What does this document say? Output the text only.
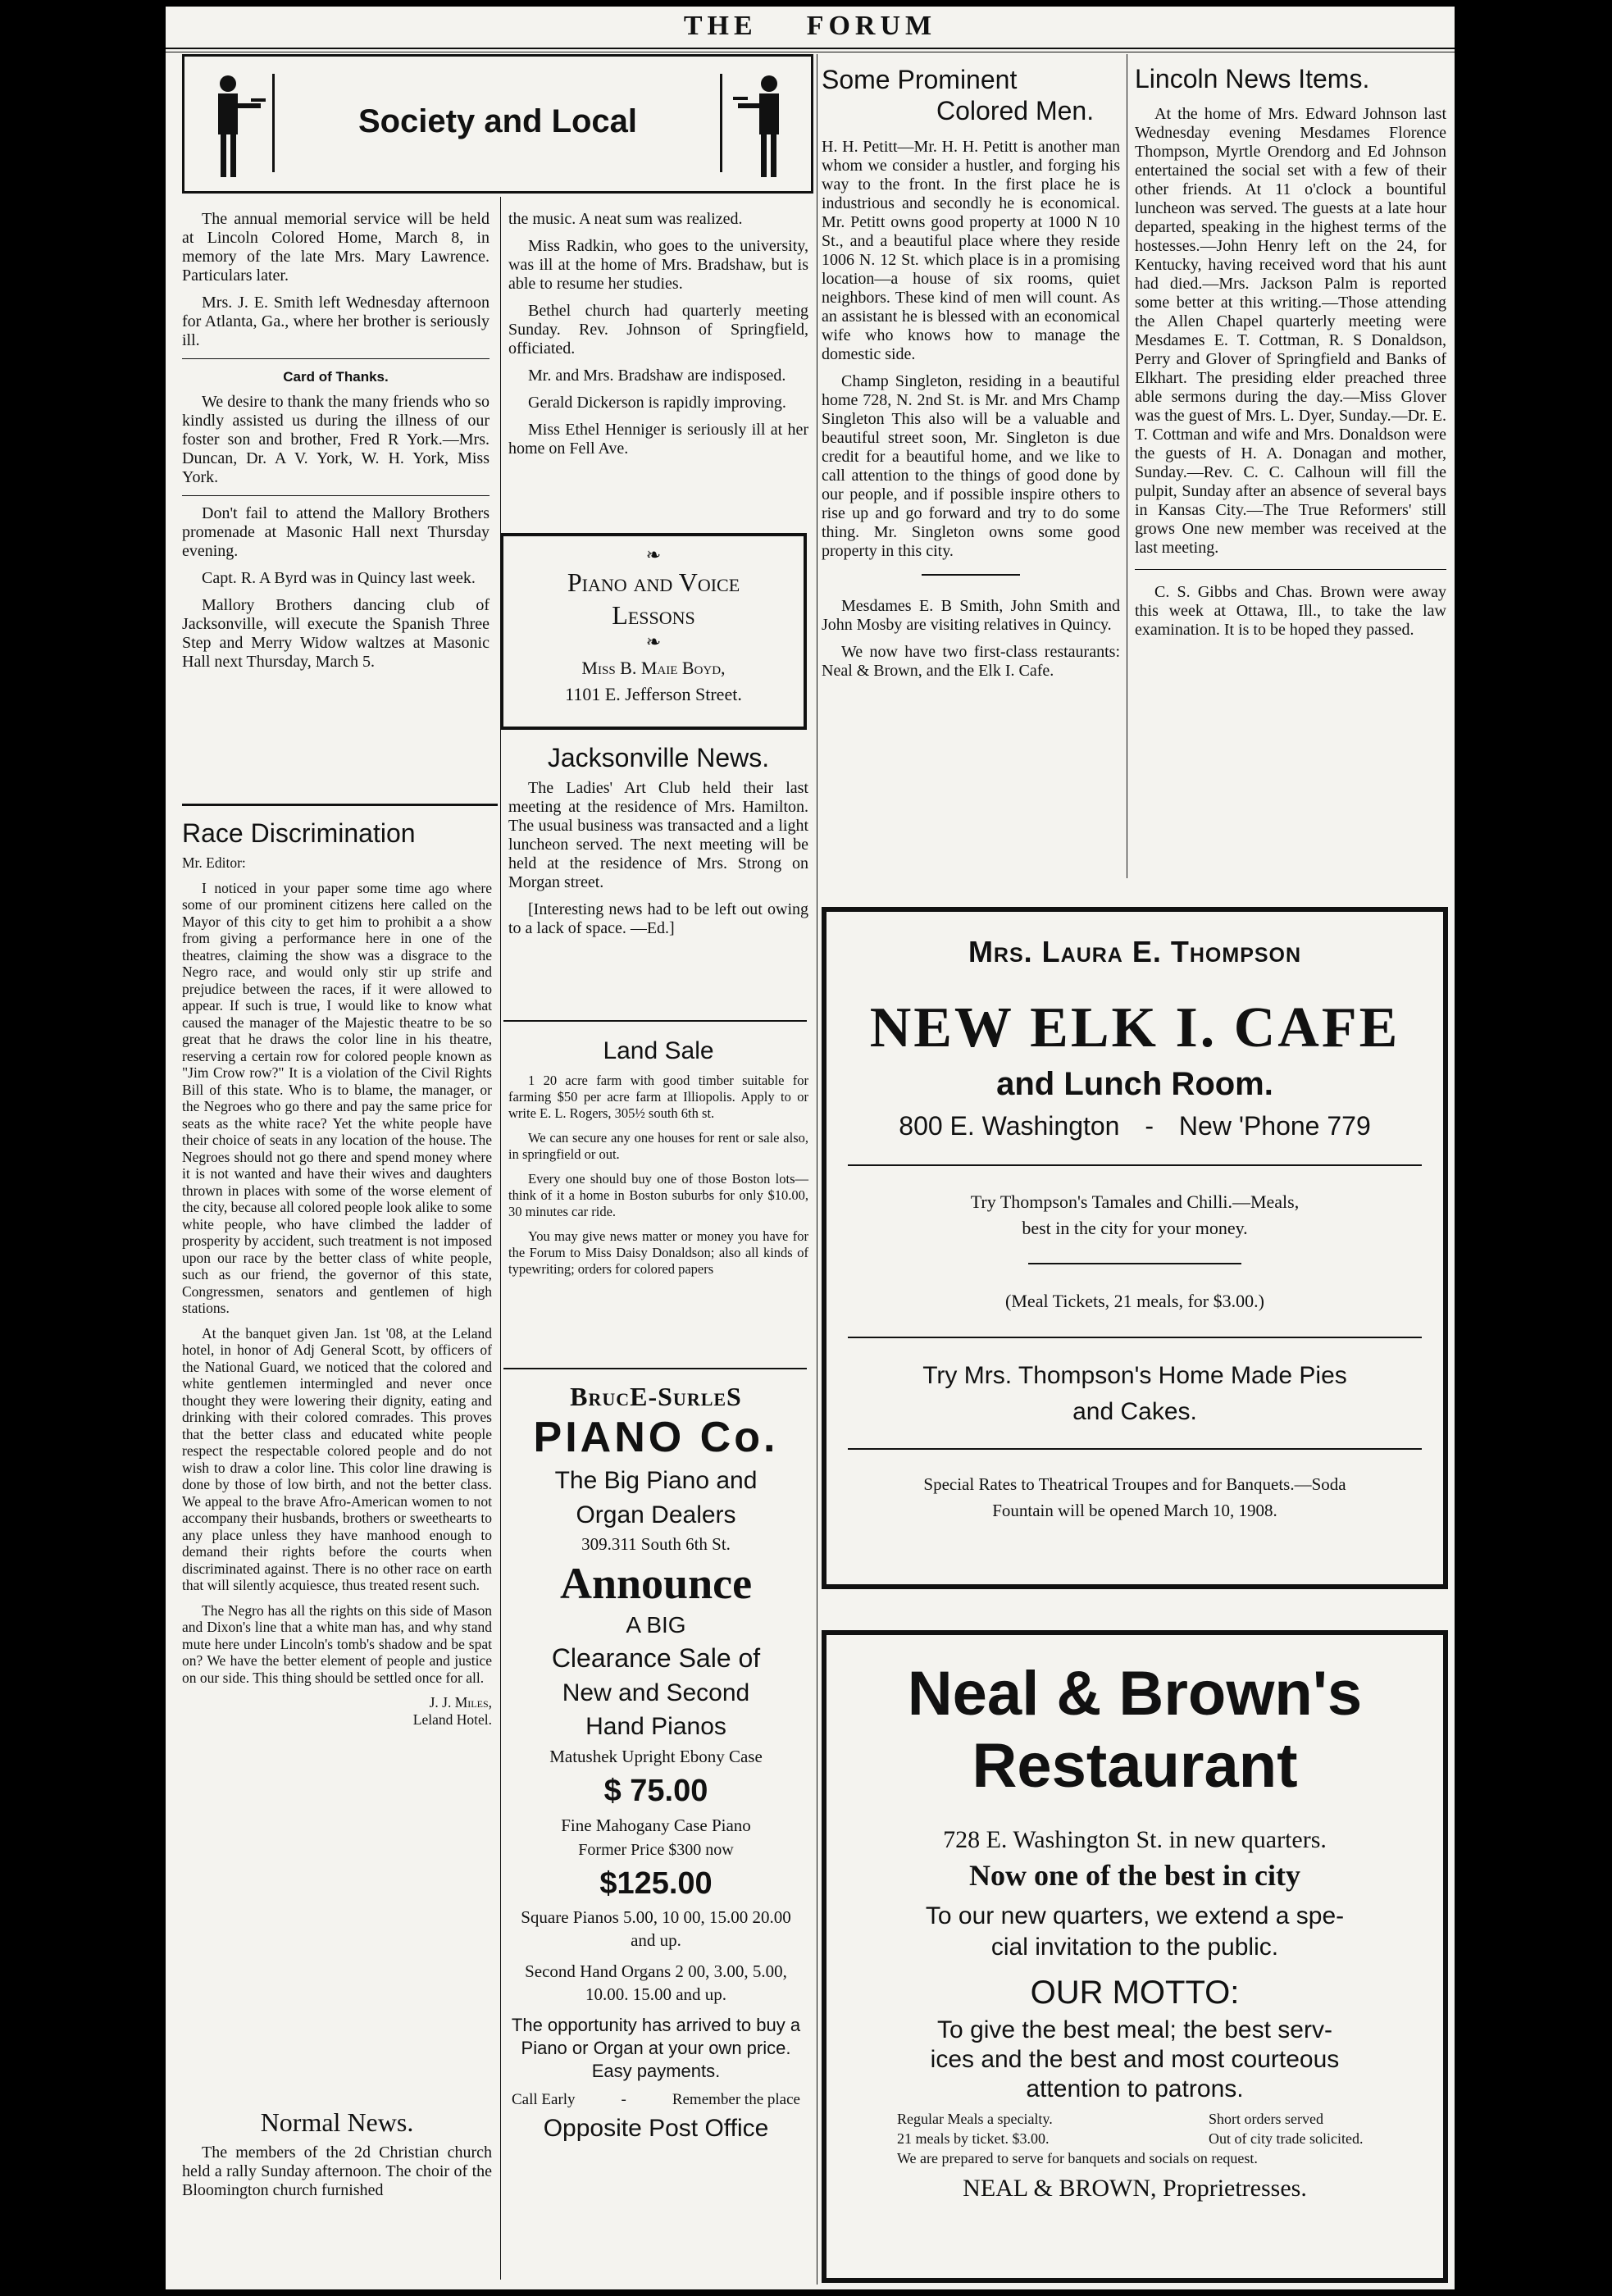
THE FORUM
Society and Local

The annual memorial service will be held at Lincoln Colored Home, March 8, in memory of the late Mrs. Mary Lawrence. Particulars later.

Mrs. J. E. Smith left Wednesday afternoon for Atlanta, Ga., where her brother is seriously ill.

Card of Thanks.

We desire to thank the many friends who so kindly assisted us during the illness of our foster son and brother, Fred R York.—Mrs. Duncan, Dr. A V. York, W. H. York, Miss York.

Don't fail to attend the Mallory Brothers promenade at Masonic Hall next Thursday evening.

Capt. R. A Byrd was in Quincy last week.

Mallory Brothers dancing club of Jacksonville, will execute the Spanish Three Step and Merry Widow waltzes at Masonic Hall next Thursday, March 5.

Race Discrimination

Mr. Editor:

I noticed in your paper some time ago where some of our prominent citizens here called on the Mayor of this city to get him to prohibit a a show from giving a performance here in one of the theatres, claiming the show was a disgrace to the Negro race, and would only stir up strife and prejudice between the races, if it were allowed to appear. If such is true, I would like to know what caused the manager of the Majestic theatre to be so great that he draws the color line in his theatre, reserving a certain row for colored people known as "Jim Crow row?" It is a violation of the Civil Rights Bill of this state. Who is to blame, the manager, or the Negroes who go there and pay the same price for seats as the white race? Yet the white people have their choice of seats in any location of the house. The Negroes should not go there and spend money where it is not wanted and have their wives and daughters thrown in places with some of the worse element of the city, because all colored people look alike to some white people, who have climbed the ladder of prosperity by accident, such treatment is not imposed upon our race by the better class of white people, such as our friend, the governor of this state, Congressmen, senators and gentlemen of high stations.

At the banquet given Jan. 1st '08, at the Leland hotel, in honor of Adj General Scott, by officers of the National Guard, we noticed that the colored and white gentlemen intermingled and never once thought they were lowering their dignity, eating and drinking with their colored comrades. This proves that the better class and educated white people respect the respectable colored people and do not wish to draw a color line. This color line drawing is done by those of low birth, and not the better class. We appeal to the brave Afro-American women to not accompany their husbands, brothers or sweethearts to any place unless they have manhood enough to demand their rights before the courts when discriminated against. There is no other race on earth that will silently acquiesce, thus treated resent such.

The Negro has all the rights on this side of Mason and Dixon's line that a white man has, and why stand mute here under Lincoln's tomb's shadow and be spat on? We have the better element of people and justice on our side. This thing should be settled once for all.

J. J. Miles,
Leland Hotel.
Normal News.

The members of the 2d Christian church held a rally Sunday afternoon. The choir of the Bloomington church furnished

the music. A neat sum was realized.

Miss Radkin, who goes to the university, was ill at the home of Mrs. Bradshaw, but is able to resume her studies.

Bethel church had quarterly meeting Sunday. Rev. Johnson of Springfield, officiated.

Mr. and Mrs. Bradshaw are indisposed.

Gerald Dickerson is rapidly improving.

Miss Ethel Henniger is seriously ill at her home on Fell Ave.

❧
Piano and Voice
Lessons
❧
Miss B. Maie Boyd,
1101 E. Jefferson Street.
Jacksonville News.

The Ladies' Art Club held their last meeting at the residence of Mrs. Hamilton. The usual business was transacted and a light luncheon served. The next meeting will be held at the residence of Mrs. Strong on Morgan street.

[Interesting news had to be left out owing to a lack of space. —Ed.]

Land Sale

1 20 acre farm with good timber suitable for farming $50 per acre farm at Illiopolis. Apply to or write E. L. Rogers, 305½ south 6th st.

We can secure any one houses for rent or sale also, in springfield or out.

Every one should buy one of those Boston lots—think of it a home in Boston suburbs for only $10.00, 30 minutes car ride.

You may give news matter or money you have for the Forum to Miss Daisy Donaldson; also all kinds of typewriting; orders for colored papers

BrucE-SurleS
PIANO Co.
The Big Piano and
Organ Dealers
309.311 South 6th St.
Announce
A BIG
Clearance Sale of
New and Second
Hand Pianos
Matushek Upright Ebony Case
$ 75.00
Fine Mahogany Case Piano
Former Price $300 now
$125.00
Square Pianos 5.00, 10 00, 15.00 20.00 and up.
Second Hand Organs 2 00, 3.00, 5.00, 10.00. 15.00 and up.
The opportunity has arrived to buy a Piano or Organ at your own price. Easy payments.
Call Early	-	Remember the place
Opposite Post Office
Some Prominent
Colored Men.

H. H. Petitt—Mr. H. H. Petitt is another man whom we consider a hustler, and forging his way to the front. In the first place he is industrious and secondly he is economical. Mr. Petitt owns good property at 1000 N 10 St., and a beautiful place where they reside 1006 N. 12 St. which place is in a promising location—a house of six rooms, quiet neighbors. These kind of men will count. As an assistant he is blessed with an economical wife who knows how to manage the domestic side.

Champ Singleton, residing in a beautiful home 728, N. 2nd St. is Mr. and Mrs Champ Singleton This also will be a valuable and beautiful street soon, Mr. Singleton is due credit for a beautiful home, and we like to call attention to the things of good done by our people, and if possible inspire others to rise up and go forward and try to do some thing. Mr. Singleton owns some good property in this city.

Mesdames E. B Smith, John Smith and John Mosby are visiting relatives in Quincy.

We now have two first-class restaurants: Neal & Brown, and the Elk I. Cafe.

Lincoln News Items.

At the home of Mrs. Edward Johnson last Wednesday evening Mesdames Florence Thompson, Myrtle Orendorg and Ed Johnson entertained the social set with a few of their other friends. At 11 o'clock a bountiful luncheon was served. The guests at a late hour departed, speaking in the highest terms of the hostesses.—John Henry left on the 24, for Kentucky, having received word that his aunt had died.—Mrs. Jackson Palm is reported some better at this writing.—Those attending the Allen Chapel quarterly meeting were Mesdames E. T. Cottman, R. S Donaldson, Perry and Glover of Springfield and Banks of Elkhart. The presiding elder preached three able sermons during the day.—Miss Glover was the guest of Mrs. L. Dyer, Sunday.—Dr. E. T. Cottman and wife and Mrs. Donaldson were the guests of H. A. Donagan and mother, Sunday.—Rev. C. C. Calhoun will fill the pulpit, Sunday after an absence of several bays in Kansas City.—The True Reformers' still grows One new member was received at the last meeting.

C. S. Gibbs and Chas. Brown were away this week at Ottawa, Ill., to take the law examination. It is to be hoped they passed.

Mrs. Laura E. Thompson
NEW ELK I. CAFE
and Lunch Room.
800 E. Washington - New 'Phone 779
Try Thompson's Tamales and Chilli.—Meals,
best in the city for your money.
(Meal Tickets, 21 meals, for $3.00.)
Try Mrs. Thompson's Home Made Pies
and Cakes.
Special Rates to Theatrical Troupes and for Banquets.—Soda
Fountain will be opened March 10, 1908.
Neal & Brown's
Restaurant
728 E. Washington St. in new quarters.
Now one of the best in city
To our new quarters, we extend a spe-
cial invitation to the public.
OUR MOTTO:
To give the best meal; the best serv-
ices and the best and most courteous
attention to patrons.
Regular Meals a specialty.	Short orders served
21 meals by ticket. $3.00.	Out of city trade solicited.
We are prepared to serve for banquets and socials on request.
NEAL & BROWN, Proprietresses.
